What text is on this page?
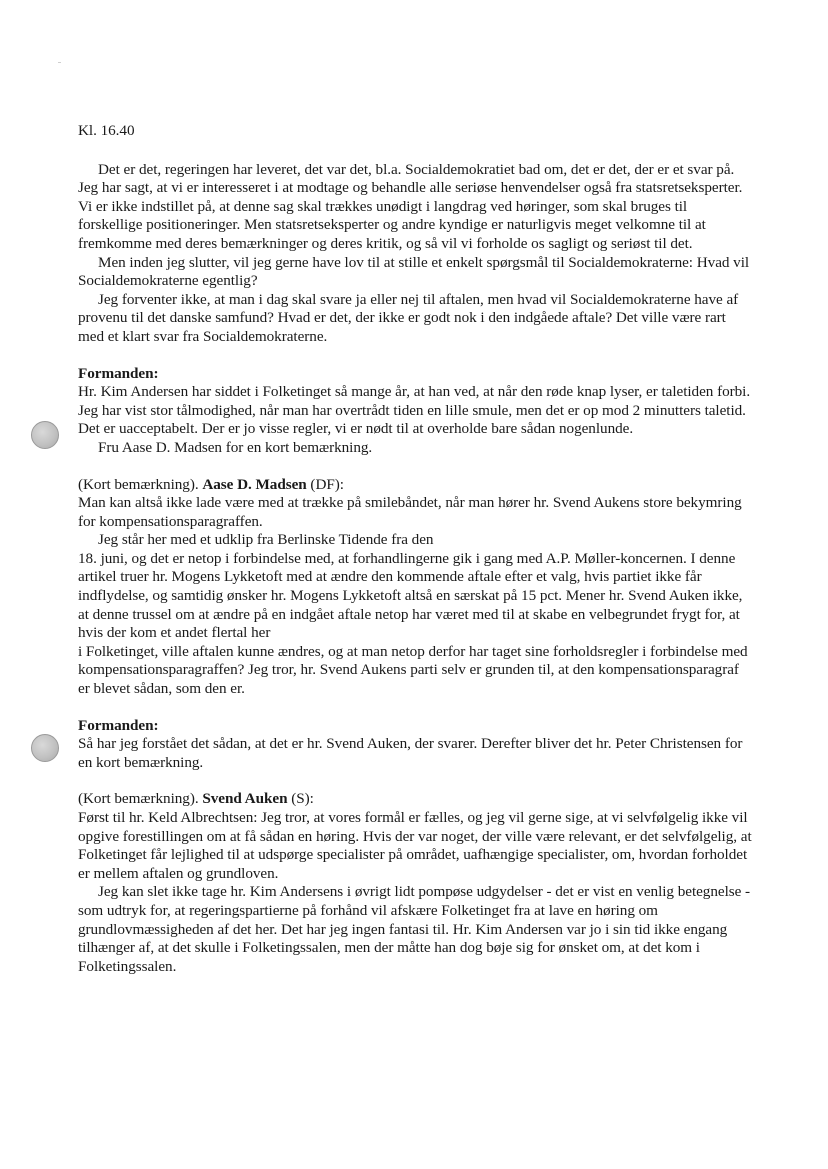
Kl. 16.40

Det er det, regeringen har leveret, det var det, bl.a. Socialdemokratiet bad om, det er det, der er et svar på. Jeg har sagt, at vi er interesseret i at modtage og behandle alle seriøse henvendelser også fra statsretseksperter. Vi er ikke indstillet på, at denne sag skal trækkes unødigt i langdrag ved høringer, som skal bruges til forskellige positioneringer. Men statsretseksperter og andre kyndige er naturligvis meget velkomne til at fremkomme med deres bemærkninger og deres kritik, og så vil vi forholde os sagligt og seriøst til det.

Men inden jeg slutter, vil jeg gerne have lov til at stille et enkelt spørgsmål til Socialdemokraterne: Hvad vil Socialdemokraterne egentlig?

Jeg forventer ikke, at man i dag skal svare ja eller nej til aftalen, men hvad vil Socialdemokraterne have af provenu til det danske samfund? Hvad er det, der ikke er godt nok i den indgåede aftale? Det ville være rart med et klart svar fra Socialdemokraterne.

Formanden:

Hr. Kim Andersen har siddet i Folketinget så mange år, at han ved, at når den røde knap lyser, er taletiden forbi. Jeg har vist stor tålmodighed, når man har overtrådt tiden en lille smule, men det er op mod 2 minutters taletid. Det er uacceptabelt. Der er jo visse regler, vi er nødt til at overholde bare sådan nogenlunde.

Fru Aase D. Madsen for en kort bemærkning.

(Kort bemærkning). Aase D. Madsen (DF):

Man kan altså ikke lade være med at trække på smilebåndet, når man hører hr. Svend Aukens store bekymring for kompensationsparagraffen.

Jeg står her med et udklip fra Berlinske Tidende fra den

18. juni, og det er netop i forbindelse med, at forhandlingerne gik i gang med A.P. Møller-koncernen. I denne artikel truer hr. Mogens Lykketoft med at ændre den kommende aftale efter et valg, hvis partiet ikke får indflydelse, og samtidig ønsker hr. Mogens Lykketoft altså en særskat på 15 pct. Mener hr. Svend Auken ikke, at denne trussel om at ændre på en indgået aftale netop har været med til at skabe en velbegrundet frygt for, at hvis der kom et andet flertal her

i Folketinget, ville aftalen kunne ændres, og at man netop derfor har taget sine forholdsregler i forbindelse med kompensationsparagraffen? Jeg tror, hr. Svend Aukens parti selv er grunden til, at den kompensationsparagraf er blevet sådan, som den er.

Formanden:

Så har jeg forstået det sådan, at det er hr. Svend Auken, der svarer. Derefter bliver det hr. Peter Christensen for en kort bemærkning.

(Kort bemærkning). Svend Auken (S):

Først til hr. Keld Albrechtsen: Jeg tror, at vores formål er fælles, og jeg vil gerne sige, at vi selvfølgelig ikke vil opgive forestillingen om at få sådan en høring. Hvis der var noget, der ville være relevant, er det selvfølgelig, at Folketinget får lejlighed til at udspørge specialister på området, uafhængige specialister, om, hvordan forholdet er mellem aftalen og grundloven.

Jeg kan slet ikke tage hr. Kim Andersens i øvrigt lidt pompøse udgydelser - det er vist en venlig betegnelse - som udtryk for, at regeringspartierne på forhånd vil afskære Folketinget fra at lave en høring om grundlovmæssigheden af det her. Det har jeg ingen fantasi til. Hr. Kim Andersen var jo i sin tid ikke engang tilhænger af, at det skulle i Folketingssalen, men der måtte han dog bøje sig for ønsket om, at det kom i Folketingssalen.
